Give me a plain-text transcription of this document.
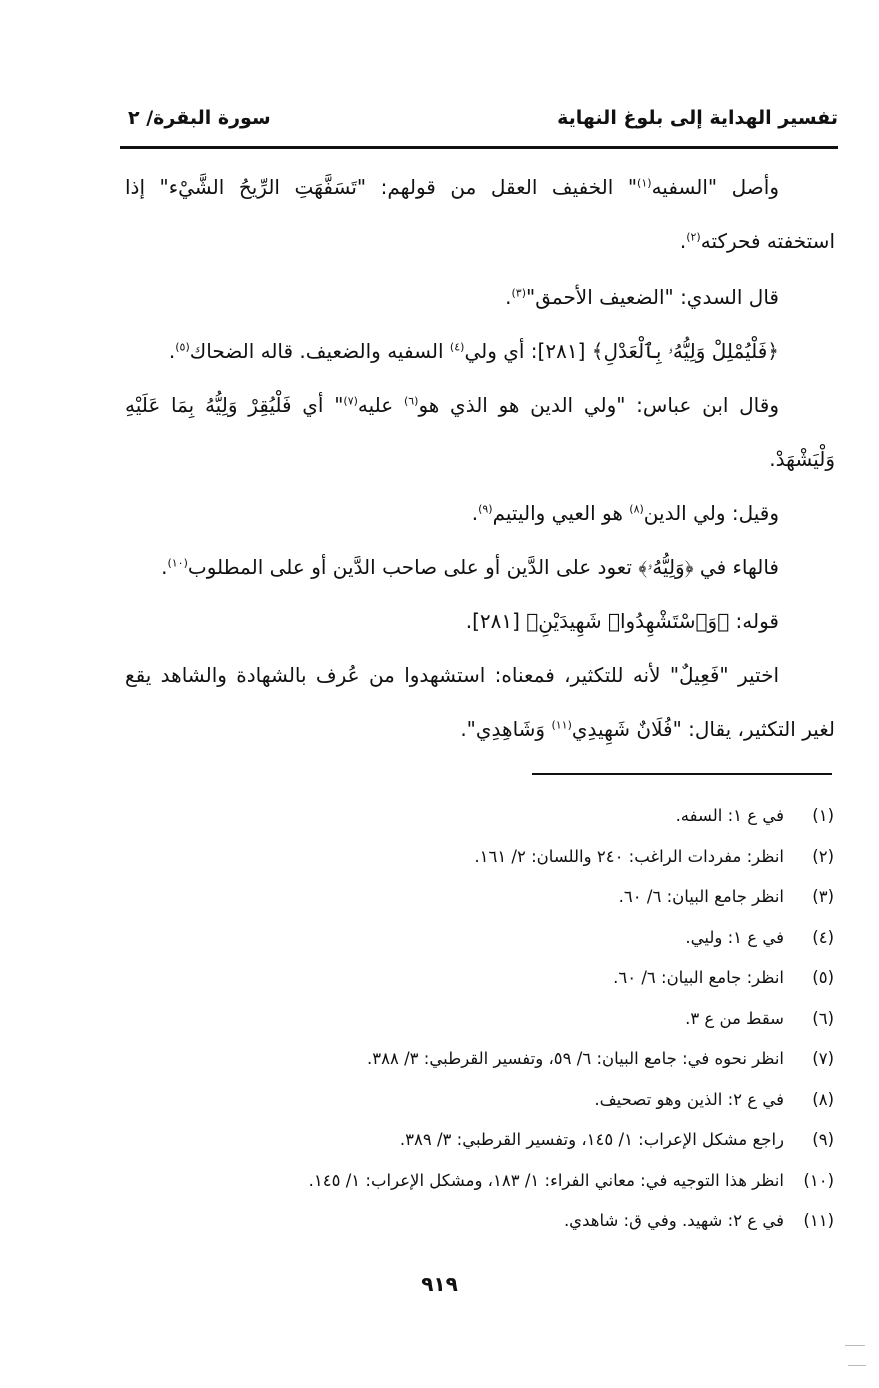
تفسير الهداية إلى بلوغ النهاية
سورة البقرة/ ٢

وأصل "السفيه$^{(١)}$" الخفيف العقل من قولهم: "تَسَفَّهَتِ الرِّيحُ الشَّيْء" إذا استخفته فحركته$^{(٢)}$.

قال السدي: "الضعيف الأحمق"$^{(٣)}$.

﴿فَلْيُمْلِلْ وَلِيُّهُۥ بِٱلْعَدْلِ﴾ [٢٨١]: أي ولي$^{(٤)}$ السفيه والضعيف. قاله الضحاك$^{(٥)}$.

وقال ابن عباس: "ولي الدين هو الذي هو$^{(٦)}$ عليه$^{(٧)}$" أي فَلْيُقِرْ وَلِيُّهُ بِمَا عَلَيْهِ وَلْيَشْهَدْ.

وقيل: ولي الدين$^{(٨)}$ هو العيي واليتيم$^{(٩)}$.

فالهاء في ﴿وَلِيُّهُۥ﴾ تعود على الدَّين أو على صاحب الدَّين أو على المطلوب$^{(١٠)}$.

قوله: ﴿وَٱسْتَشْهِدُوا۟ شَهِيدَيْنِ﴾ [٢٨١].

اختير "فَعِيلٌ" لأنه للتكثير، فمعناه: استشهدوا من عُرف بالشهادة والشاهد يقع لغير التكثير، يقال: "فُلَانٌ شَهِيدِي$^{(١١)}$ وَشَاهِدِي".

(١)
في ع ١: السفه.
(٢)
انظر: مفردات الراغب: ٢٤٠ واللسان: ٢/ ١٦١.
(٣)
انظر جامع البيان: ٦/ ٦٠.
(٤)
في ع ١: وليي.
(٥)
انظر: جامع البيان: ٦/ ٦٠.
(٦)
سقط من ع ٣.
(٧)
انظر نحوه في: جامع البيان: ٦/ ٥٩، وتفسير القرطبي: ٣/ ٣٨٨.
(٨)
في ع ٢: الذين وهو تصحيف.
(٩)
راجع مشكل الإعراب: ١/ ١٤٥، وتفسير القرطبي: ٣/ ٣٨٩.
(١٠)
انظر هذا التوجيه في: معاني الفراء: ١/ ١٨٣، ومشكل الإعراب: ١/ ١٤٥.
(١١)
في ع ٢: شهيد. وفي ق: شاهدي.
٩١٩
